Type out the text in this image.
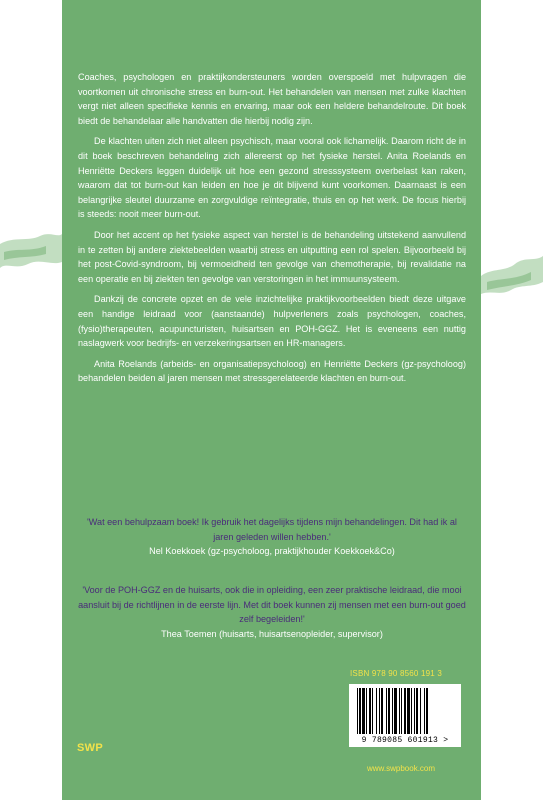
Coaches, psychologen en praktijkondersteuners worden overspoeld met hulpvragen die voortkomen uit chronische stress en burn-out. Het behandelen van mensen met zulke klachten vergt niet alleen specifieke kennis en ervaring, maar ook een heldere behandelroute. Dit boek biedt de behandelaar alle handvatten die hierbij nodig zijn.

De klachten uiten zich niet alleen psychisch, maar vooral ook lichamelijk. Daarom richt de in dit boek beschreven behandeling zich allereerst op het fysieke herstel. Anita Roelands en Henriëtte Deckers leggen duidelijk uit hoe een gezond stresssysteem overbelast kan raken, waarom dat tot burn-out kan leiden en hoe je dit blijvend kunt voorkomen. Daarnaast is een belangrijke sleutel duurzame en zorgvuldige reïntegratie, thuis en op het werk. De focus hierbij is steeds: nooit meer burn-out.

Door het accent op het fysieke aspect van herstel is de behandeling uitstekend aanvullend in te zetten bij andere ziektebeelden waarbij stress en uitputting een rol spelen. Bijvoorbeeld bij het post-Covid-syndroom, bij vermoeidheid ten gevolge van chemotherapie, bij revalidatie na een operatie en bij ziekten ten gevolge van verstoringen in het immuunsysteem.

Dankzij de concrete opzet en de vele inzichtelijke praktijkvoorbeelden biedt deze uitgave een handige leidraad voor (aanstaande) hulpverleners zoals psychologen, coaches, (fysio)therapeuten, acupuncturisten, huisartsen en POH-GGZ. Het is eveneens een nuttig naslagwerk voor bedrijfs- en verzekeringsartsen en HR-managers.

Anita Roelands (arbeids- en organisatiepsycholoog) en Henriëtte Deckers (gz-psycholoog) behandelen beiden al jaren mensen met stressgerelateerde klachten en burn-out.

'Wat een behulpzaam boek! Ik gebruik het dagelijks tijdens mijn behandelingen. Dit had ik al jaren geleden willen hebben.'
Nel Koekkoek (gz-psycholoog, praktijkhouder Koekkoek&Co)
'Voor de POH-GGZ en de huisarts, ook die in opleiding, een zeer praktische leidraad, die mooi aansluit bij de richtlijnen in de eerste lijn. Met dit boek kunnen zij mensen met een burn-out goed zelf begeleiden!'
Thea Toemen (huisarts, huisartsenopleider, supervisor)
ISBN 978 90 8560 191 3
9 789085 601913 >
SWP
www.swpbook.com
